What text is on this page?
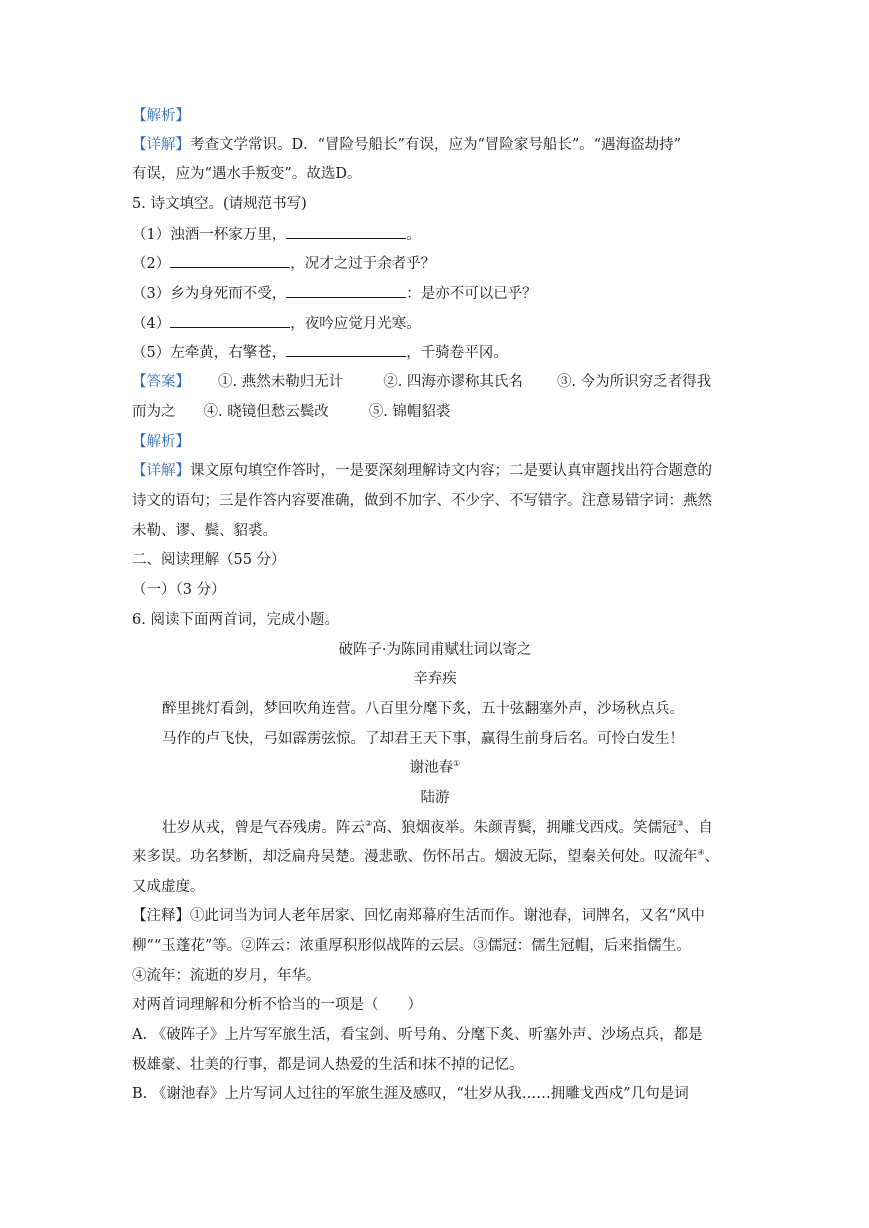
【解析】
【详解】考查文学常识。D．“冒险号船长”有误，应为“冒险家号船长”。“遇海盗劫持”
有误，应为“遇水手叛变”。故选D。
5. 诗文填空。(请规范书写)
（1）浊酒一杯家万里，	。
（2）	，况才之过于余者乎？
（3）乡为身死而不受，	：是亦不可以已乎？
（4）	，夜吟应觉月光寒。
（5）左牵黄，右擎苍，	，千骑卷平冈。
【答案】 ①. 燕然未勒归无计	②. 四海亦谬称其氏名 ③. 今为所识穷乏者得我
而为之 ④. 晓镜但愁云鬓改	⑤. 锦帽貂裘
【解析】
【详解】课文原句填空作答时，一是要深刻理解诗文内容；二是要认真审题找出符合题意的
诗文的语句；三是作答内容要准确，做到不加字、不少字、不写错字。注意易错字词：燕然
未勒、谬、鬓、貂裘。
二、阅读理解（55 分）
（一）（3 分）
6. 阅读下面两首词，完成小题。
破阵子·为陈同甫赋壮词以寄之
辛弃疾
醉里挑灯看剑，梦回吹角连营。八百里分麾下炙，五十弦翻塞外声，沙场秋点兵。
马作的卢飞快，弓如霹雳弦惊。了却君王天下事，赢得生前身后名。可怜白发生！
谢池春①
陆游
壮岁从戎，曾是气吞残虏。阵云②高、狼烟夜举。朱颜青鬓，拥雕戈西戍。笑儒冠③、自
来多误。功名梦断，却泛扁舟吴楚。漫悲歌、伤怀吊古。烟波无际，望秦关何处。叹流年④、
又成虚度。
【注释】①此词当为词人老年居家、回忆南郑幕府生活而作。谢池春，词牌名，又名“风中
柳”“玉蓬花”等。②阵云：浓重厚积形似战阵的云层。③儒冠：儒生冠帽，后来指儒生。
④流年：流逝的岁月，年华。
对两首词理解和分析不恰当的一项是（　　）
A. 《破阵子》上片写军旅生活，看宝剑、听号角、分麾下炙、听塞外声、沙场点兵，都是
极雄豪、壮美的行事，都是词人热爱的生活和抹不掉的记忆。
B. 《谢池春》上片写词人过往的军旅生涯及感叹，“壮岁从我……拥雕戈西戍”几句是词
